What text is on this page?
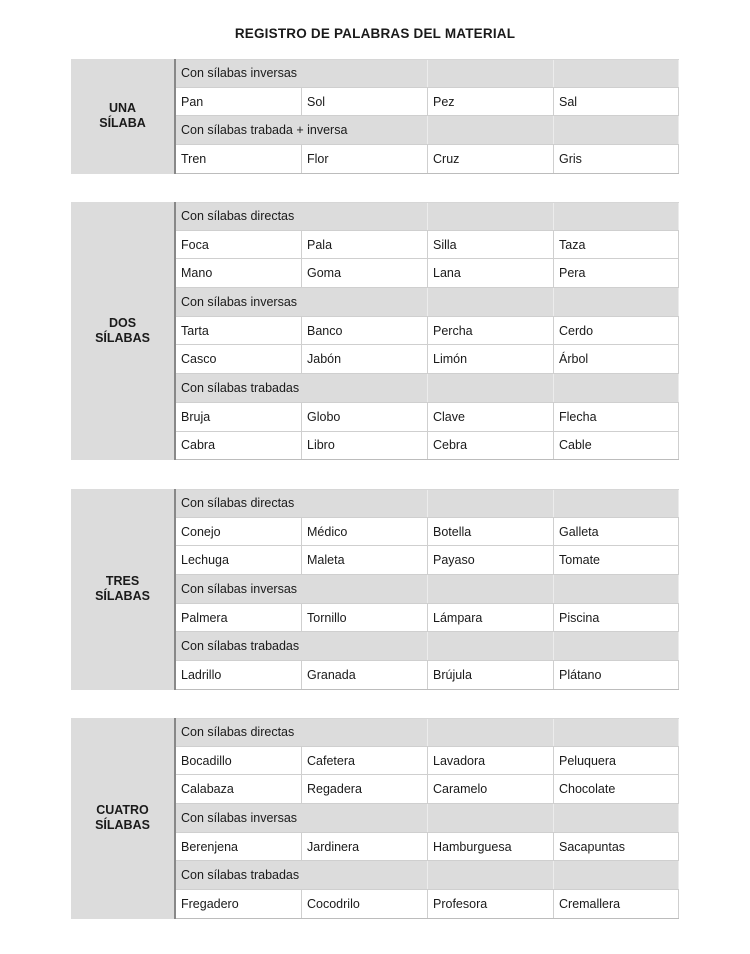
REGISTRO DE PALABRAS DEL MATERIAL
UNA
SÍLABA
Con sílabas inversas
Pan	Sol	Pez	Sal
Con sílabas trabada + inversa
Tren	Flor	Cruz	Gris
DOS
SÍLABAS
Con sílabas directas
Foca	Pala	Silla	Taza
Mano	Goma	Lana	Pera
Con sílabas inversas
Tarta	Banco	Percha	Cerdo
Casco	Jabón	Limón	Árbol
Con sílabas trabadas
Bruja	Globo	Clave	Flecha
Cabra	Libro	Cebra	Cable
TRES
SÍLABAS
Con sílabas directas
Conejo	Médico	Botella	Galleta
Lechuga	Maleta	Payaso	Tomate
Con sílabas inversas
Palmera	Tornillo	Lámpara	Piscina
Con sílabas trabadas
Ladrillo	Granada	Brújula	Plátano
CUATRO
SÍLABAS
Con sílabas directas
Bocadillo	Cafetera	Lavadora	Peluquera
Calabaza	Regadera	Caramelo	Chocolate
Con sílabas inversas
Berenjena	Jardinera	Hamburguesa	Sacapuntas
Con sílabas trabadas
Fregadero	Cocodrilo	Profesora	Cremallera
